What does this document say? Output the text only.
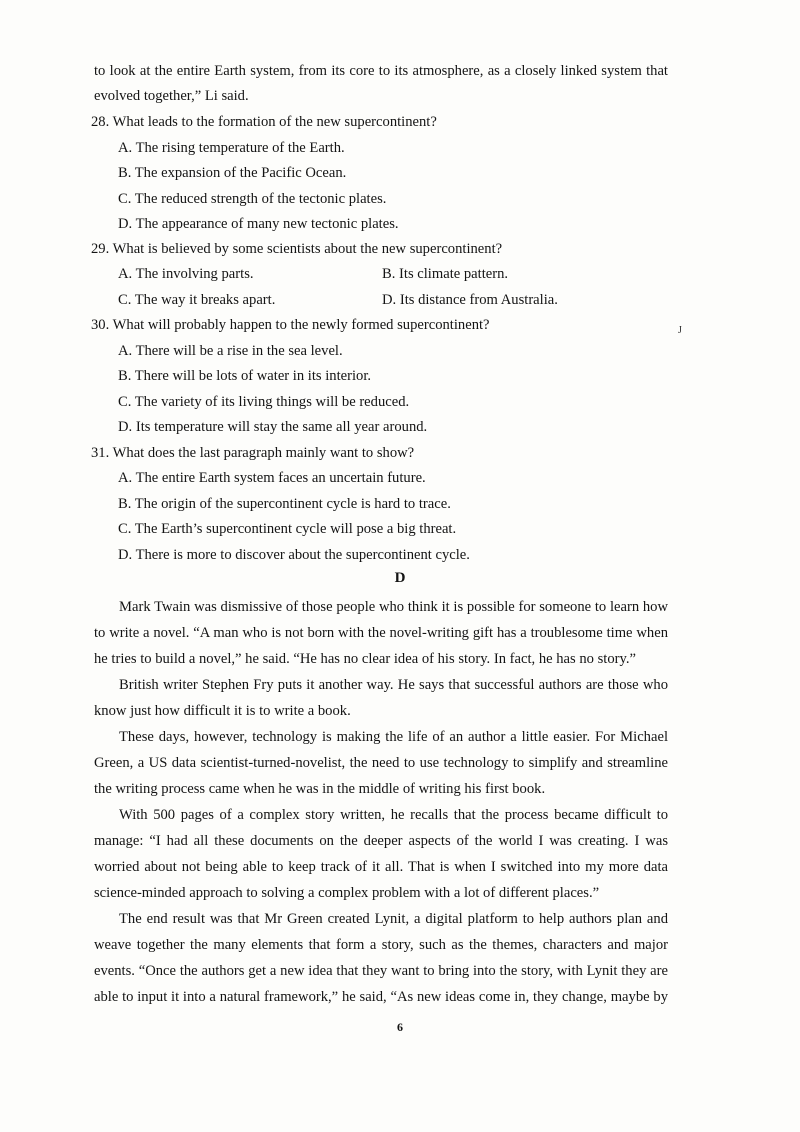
to look at the entire Earth system, from its core to its atmosphere, as a closely linked system that
evolved together,” Li said.
28. What leads to the formation of the new supercontinent?
A. The rising temperature of the Earth.
B. The expansion of the Pacific Ocean.
C. The reduced strength of the tectonic plates.
D. The appearance of many new tectonic plates.
29. What is believed by some scientists about the new supercontinent?
A. The involving parts.	B. Its climate pattern.
C. The way it breaks apart.	D. Its distance from Australia.
30. What will probably happen to the newly formed supercontinent?	J
A. There will be a rise in the sea level.
B. There will be lots of water in its interior.
C. The variety of its living things will be reduced.
D. Its temperature will stay the same all year around.
31. What does the last paragraph mainly want to show?
A. The entire Earth system faces an uncertain future.
B. The origin of the supercontinent cycle is hard to trace.
C. The Earth’s supercontinent cycle will pose a big threat.
D. There is more to discover about the supercontinent cycle.
D
Mark Twain was dismissive of those people who think it is possible for someone to learn how
to write a novel. “A man who is not born with the novel-writing gift has a troublesome time when
he tries to build a novel,” he said. “He has no clear idea of his story. In fact, he has no story.”
British writer Stephen Fry puts it another way. He says that successful authors are those who
know just how difficult it is to write a book.
These days, however, technology is making the life of an author a little easier. For Michael
Green, a US data scientist-turned-novelist, the need to use technology to simplify and streamline
the writing process came when he was in the middle of writing his first book.
With 500 pages of a complex story written, he recalls that the process became difficult to
manage: “I had all these documents on the deeper aspects of the world I was creating. I was
worried about not being able to keep track of it all. That is when I switched into my more data
science-minded approach to solving a complex problem with a lot of different places.”
The end result was that Mr Green created Lynit, a digital platform to help authors plan and
weave together the many elements that form a story, such as the themes, characters and major
events. “Once the authors get a new idea that they want to bring into the story, with Lynit they are
able to input it into a natural framework,” he said, “As new ideas come in, they change, maybe by
6
